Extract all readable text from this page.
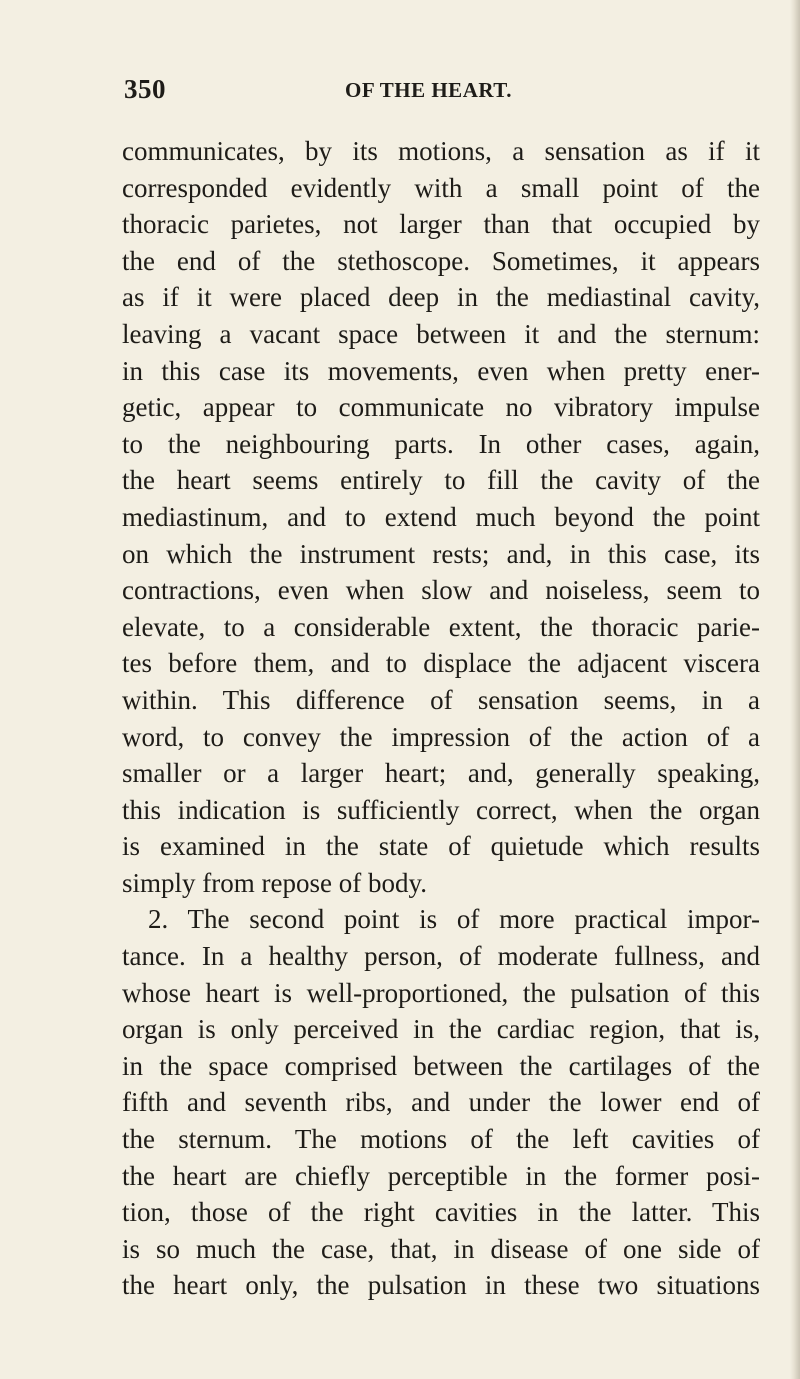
350	OF THE HEART.
communicates, by its motions, a sensation as if it
corresponded evidently with a small point of the
thoracic parietes, not larger than that occupied by
the end of the stethoscope. Sometimes, it appears
as if it were placed deep in the mediastinal cavity,
leaving a vacant space between it and the sternum:
in this case its movements, even when pretty ener-
getic, appear to communicate no vibratory impulse
to the neighbouring parts. In other cases, again,
the heart seems entirely to fill the cavity of the
mediastinum, and to extend much beyond the point
on which the instrument rests; and, in this case, its
contractions, even when slow and noiseless, seem to
elevate, to a considerable extent, the thoracic parie-
tes before them, and to displace the adjacent viscera
within. This difference of sensation seems, in a
word, to convey the impression of the action of a
smaller or a larger heart; and, generally speaking,
this indication is sufficiently correct, when the organ
is examined in the state of quietude which results
simply from repose of body.
2. The second point is of more practical impor-
tance. In a healthy person, of moderate fullness, and
whose heart is well-proportioned, the pulsation of this
organ is only perceived in the cardiac region, that is,
in the space comprised between the cartilages of the
fifth and seventh ribs, and under the lower end of
the sternum. The motions of the left cavities of
the heart are chiefly perceptible in the former posi-
tion, those of the right cavities in the latter. This
is so much the case, that, in disease of one side of
the heart only, the pulsation in these two situations
